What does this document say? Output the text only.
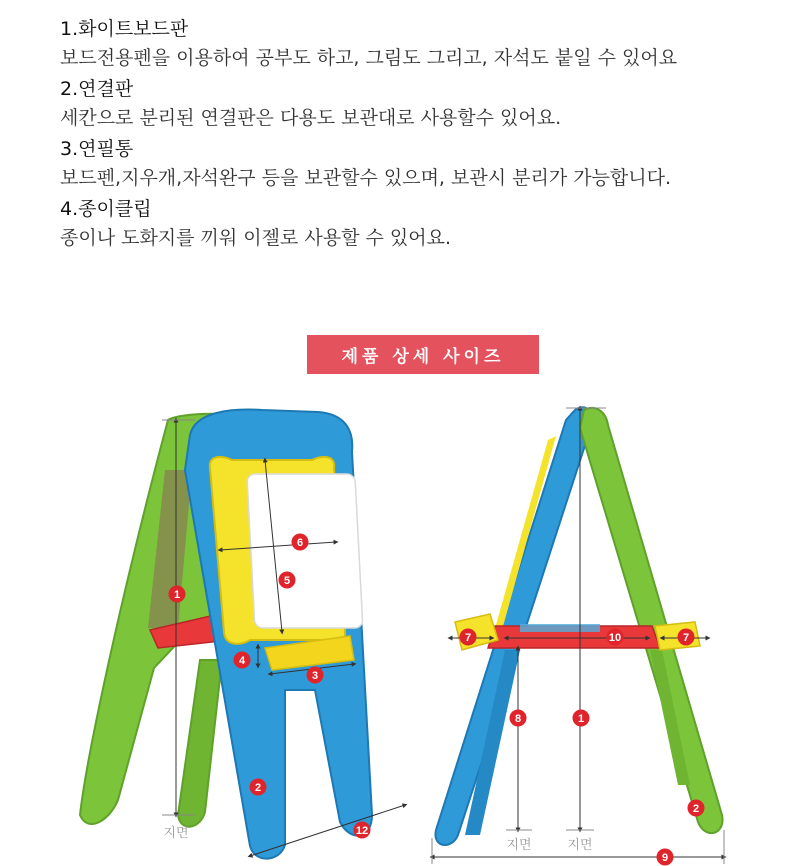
1.화이트보드판
보드전용펜을 이용하여 공부도 하고, 그림도 그리고, 자석도 붙일 수 있어요
2.연결판
세칸으로 분리된 연결판은 다용도 보관대로 사용할수 있어요.
3.연필통
보드펜,지우개,자석완구 등을 보관할수 있으며, 보관시 분리가 가능합니다.
4.종이클립
종이나 도화지를 끼워 이젤로 사용할 수 있어요.
제품 상세 사이즈
1
2
3
4
5
6
12
지면
7	7
10
8	1
2
9
지면	지면
